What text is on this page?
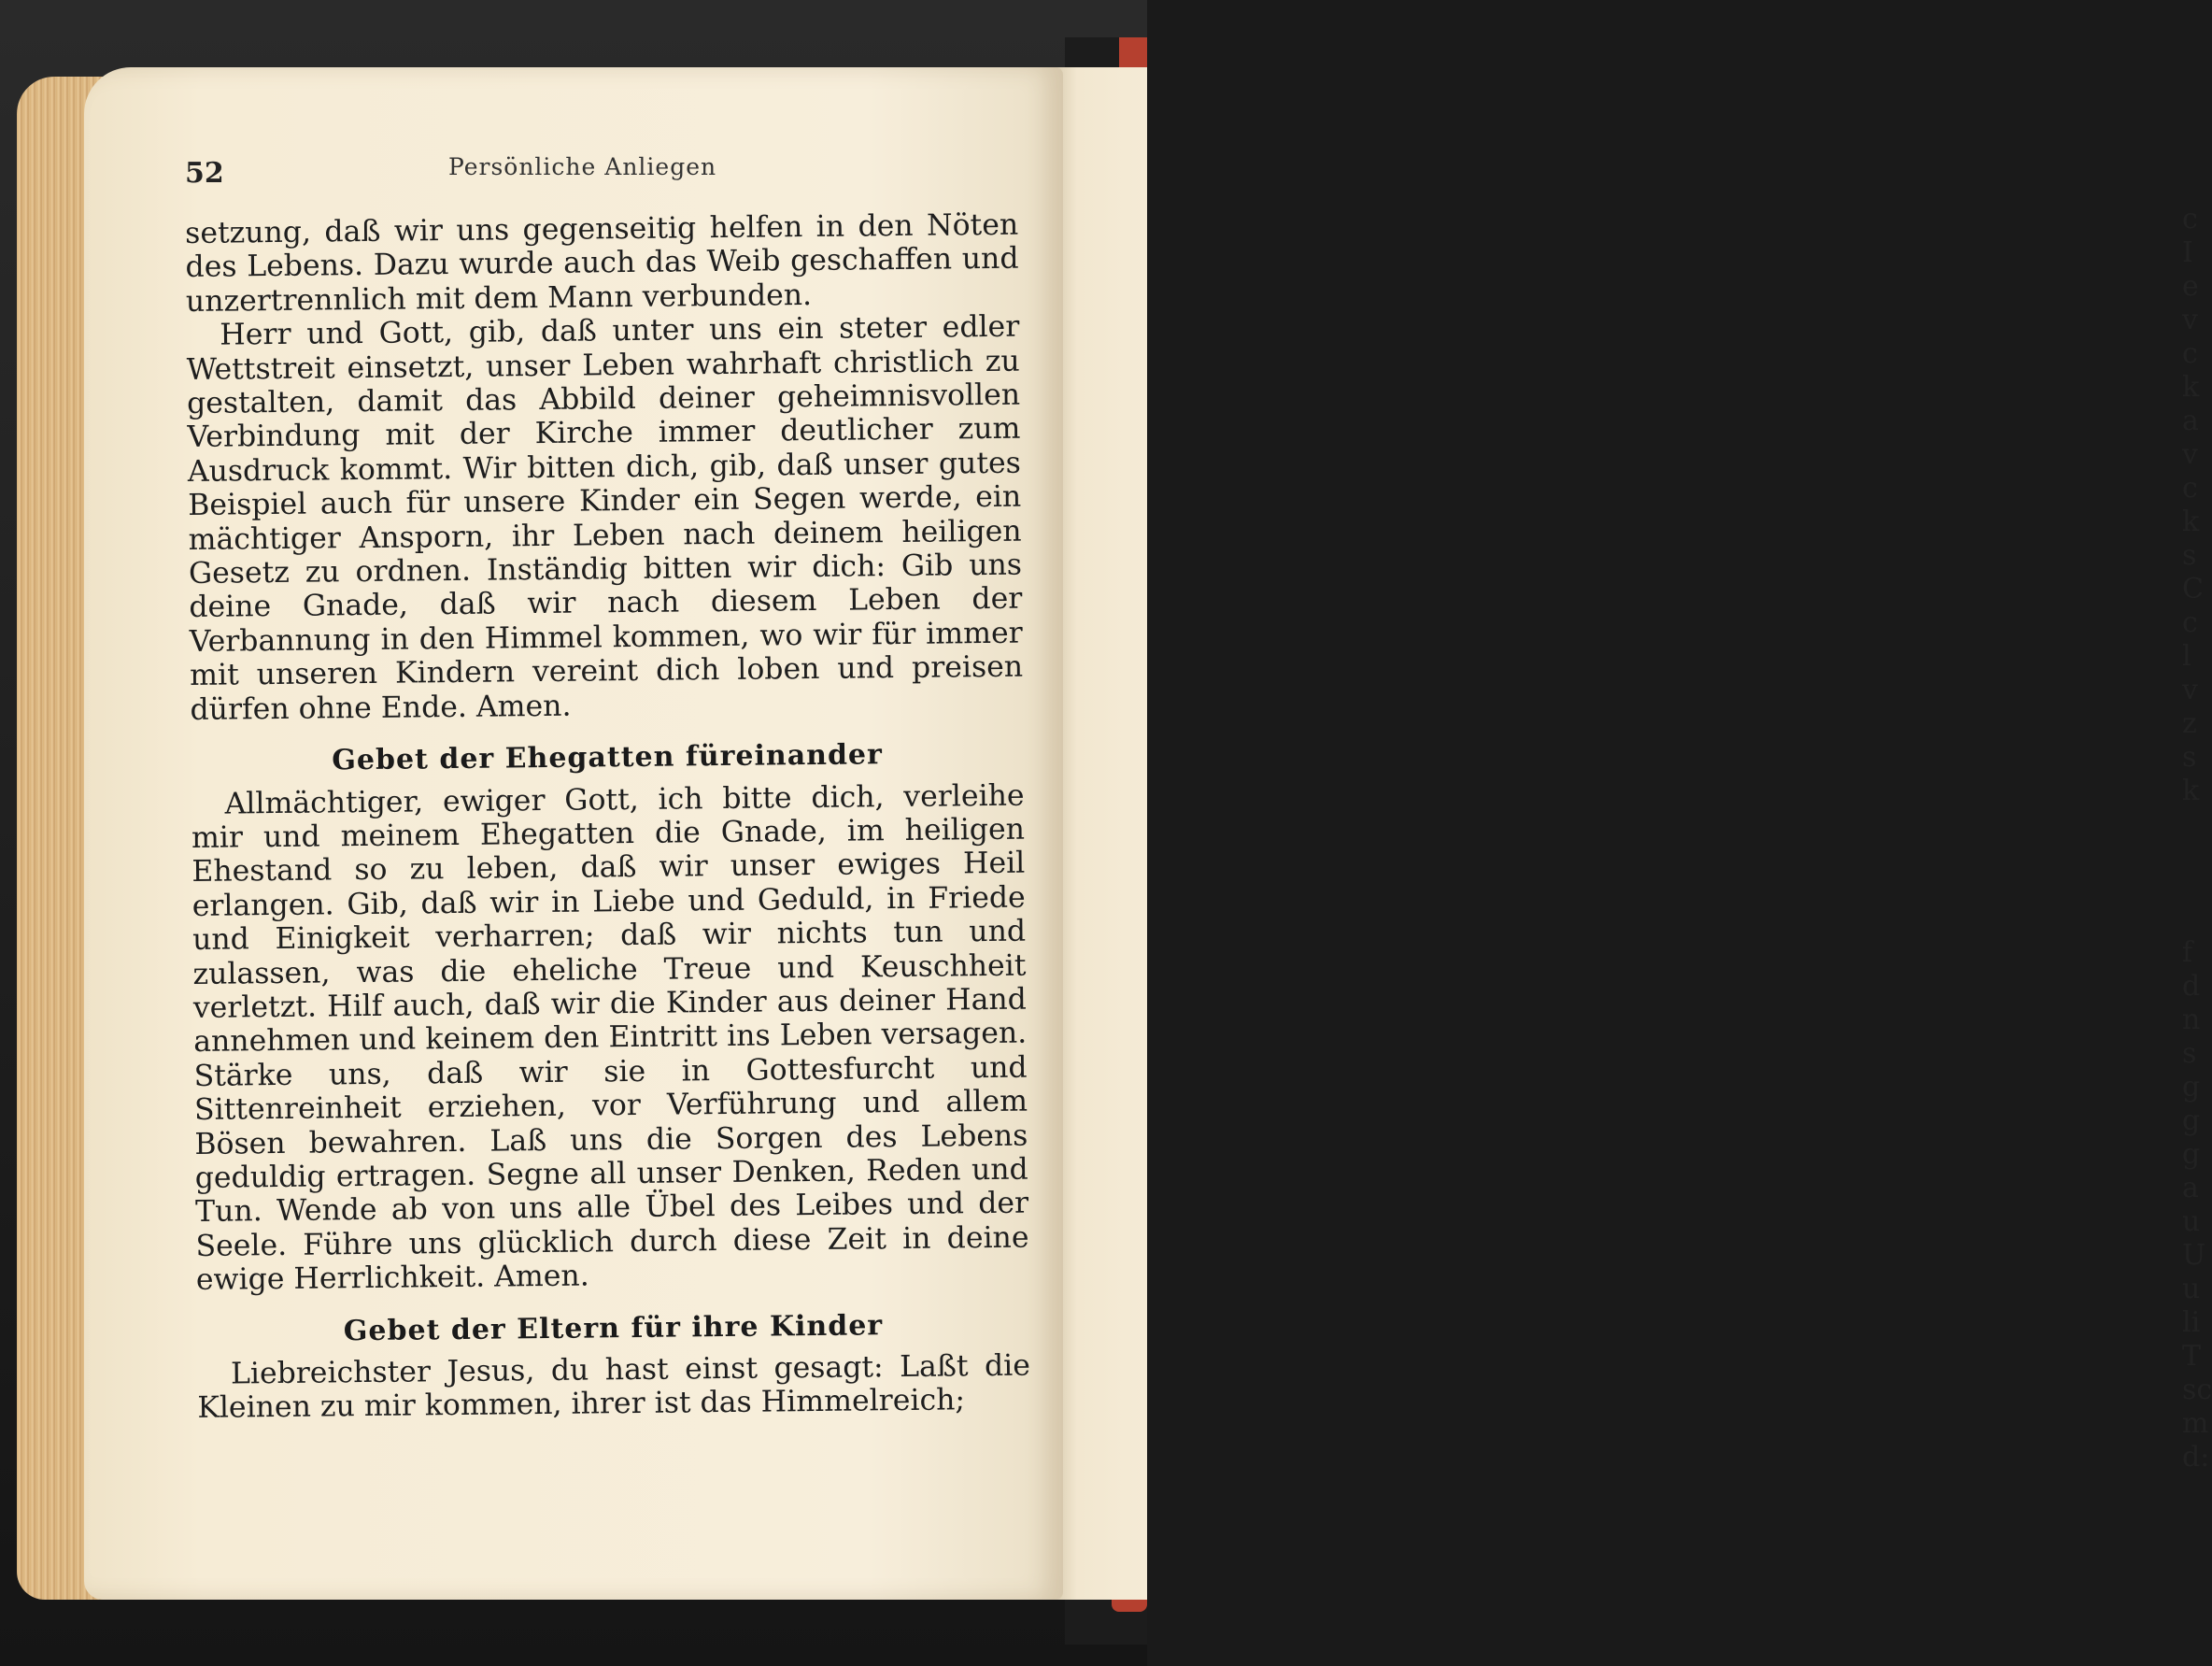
c
I
e
v
c
k
a
v
c
k
s
C
c
l
v
z
s
k
f
d
n
s
g
g
g
a
u
U
u
li
T
sc
m
d:
52	Persönliche Anliegen

setzung, daß wir uns gegenseitig helfen in den Nöten des Lebens. Dazu wurde auch das Weib geschaffen und unzertrennlich mit dem Mann verbunden.

Herr und Gott, gib, daß unter uns ein steter edler Wettstreit einsetzt, unser Leben wahrhaft christlich zu gestalten, damit das Abbild deiner geheimnisvollen Verbindung mit der Kirche immer deutlicher zum Ausdruck kommt. Wir bitten dich, gib, daß unser gutes Beispiel auch für unsere Kinder ein Segen werde, ein mächtiger Ansporn, ihr Leben nach deinem heiligen Gesetz zu ordnen. Inständig bitten wir dich: Gib uns deine Gnade, daß wir nach diesem Leben der Verbannung in den Himmel kommen, wo wir für immer mit unseren Kindern vereint dich loben und preisen dürfen ohne Ende. Amen.

Gebet der Ehegatten füreinander

Allmächtiger, ewiger Gott, ich bitte dich, verleihe mir und meinem Ehegatten die Gnade, im heiligen Ehestand so zu leben, daß wir unser ewiges Heil erlangen. Gib, daß wir in Liebe und Geduld, in Friede und Einigkeit verharren; daß wir nichts tun und zulassen, was die eheliche Treue und Keuschheit verletzt. Hilf auch, daß wir die Kinder aus deiner Hand annehmen und keinem den Eintritt ins Leben versagen. Stärke uns, daß wir sie in Gottesfurcht und Sittenreinheit erziehen, vor Verführung und allem Bösen bewahren. Laß uns die Sorgen des Lebens geduldig ertragen. Segne all unser Denken, Reden und Tun. Wende ab von uns alle Übel des Leibes und der Seele. Führe uns glücklich durch diese Zeit in deine ewige Herrlichkeit. Amen.

Gebet der Eltern für ihre Kinder

Liebreichster Jesus, du hast einst gesagt: Laßt die Kleinen zu mir kommen, ihrer ist das Himmelreich;
